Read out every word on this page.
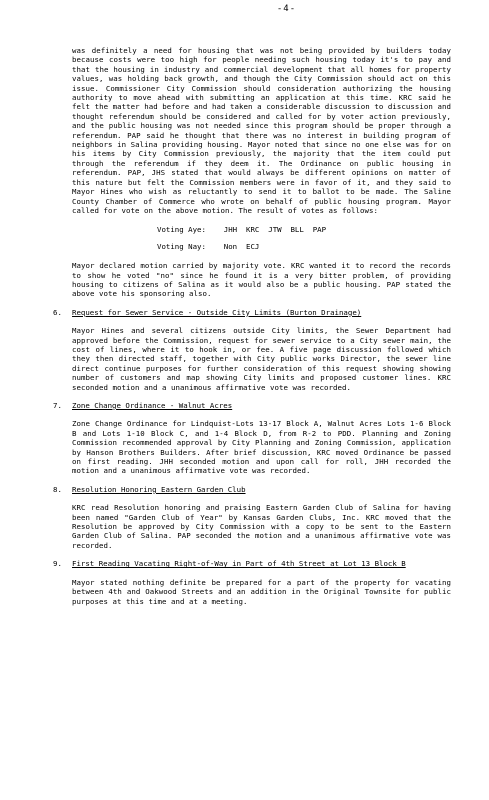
-4-

was definitely a need for housing that was not being provided by builders today because costs were too high for people needing such housing today it's to pay and that the housing in industry and commercial development that all homes for property values, was holding back growth, and though the City Commission should act on this issue. Commissioner City Commission should consideration authorizing the housing authority to move ahead with submitting an application at this time. KRC said he felt the matter had before and had taken a considerable discussion to discussion and thought referendum should be considered and called for by voter action previously, and the public housing was not needed since this program should be proper through a referendum. PAP said he thought that there was no interest in building program of neighbors in Salina providing housing. Mayor noted that since no one else was for on his items by City Commission previously, the majority that the item could put through the referendum if they deem it. The Ordinance on public housing in referendum. PAP, JHS stated that would always be different opinions on matter of this nature but felt the Commission members were in favor of it, and they said to Mayor Hines who wish as reluctantly to send it to ballot to be made. The Saline County Chamber of Commerce who wrote on behalf of public housing program. Mayor called for vote on the above motion. The result of votes as follows:

Voting Aye:    JHH  KRC  JTW  BLL  PAP
Voting Nay:    Non  ECJ

Mayor declared motion carried by majority vote. KRC wanted it to record the records to show he voted "no" since he found it is a very bitter problem, of providing housing to citizens of Salina as it would also be a public housing. PAP stated the above vote his sponsoring also.

6. Request for Sewer Service - Outside City Limits (Burton Drainage)

Mayor Hines and several citizens outside City limits, the Sewer Department had approved before the Commission, request for sewer service to a City sewer main, the cost of lines, where it to hook in, or fee. A five page discussion followed which they then directed staff, together with City public works Director, the sewer line direct continue purposes for further consideration of this request showing showing number of customers and map showing City limits and proposed customer lines. KRC seconded motion and a unanimous affirmative vote was recorded.

7. Zone Change Ordinance - Walnut Acres

Zone Change Ordinance for Lindquist-Lots 13-17 Block A, Walnut Acres Lots 1-6 Block B and Lots 1-10 Block C, and 1-4 Block D, from R-2 to PDD. Planning and Zoning Commission recommended approval by City Planning and Zoning Commission, application by Hanson Brothers Builders. After brief discussion, KRC moved Ordinance be passed on first reading. JHH seconded motion and upon call for roll, JHH recorded the motion and a unanimous affirmative vote was recorded.

8. Resolution Honoring Eastern Garden Club

KRC read Resolution honoring and praising Eastern Garden Club of Salina for having been named "Garden Club of Year" by Kansas Garden Clubs, Inc. KRC moved that the Resolution be approved by City Commission with a copy to be sent to the Eastern Garden Club of Salina. PAP seconded the motion and a unanimous affirmative vote was recorded.

9. First Reading Vacating Right-of-Way in Part of 4th Street at Lot 13 Block B

Mayor stated nothing definite be prepared for a part of the property for vacating between 4th and Oakwood Streets and an addition in the Original Townsite for public purposes at this time and at a meeting.
